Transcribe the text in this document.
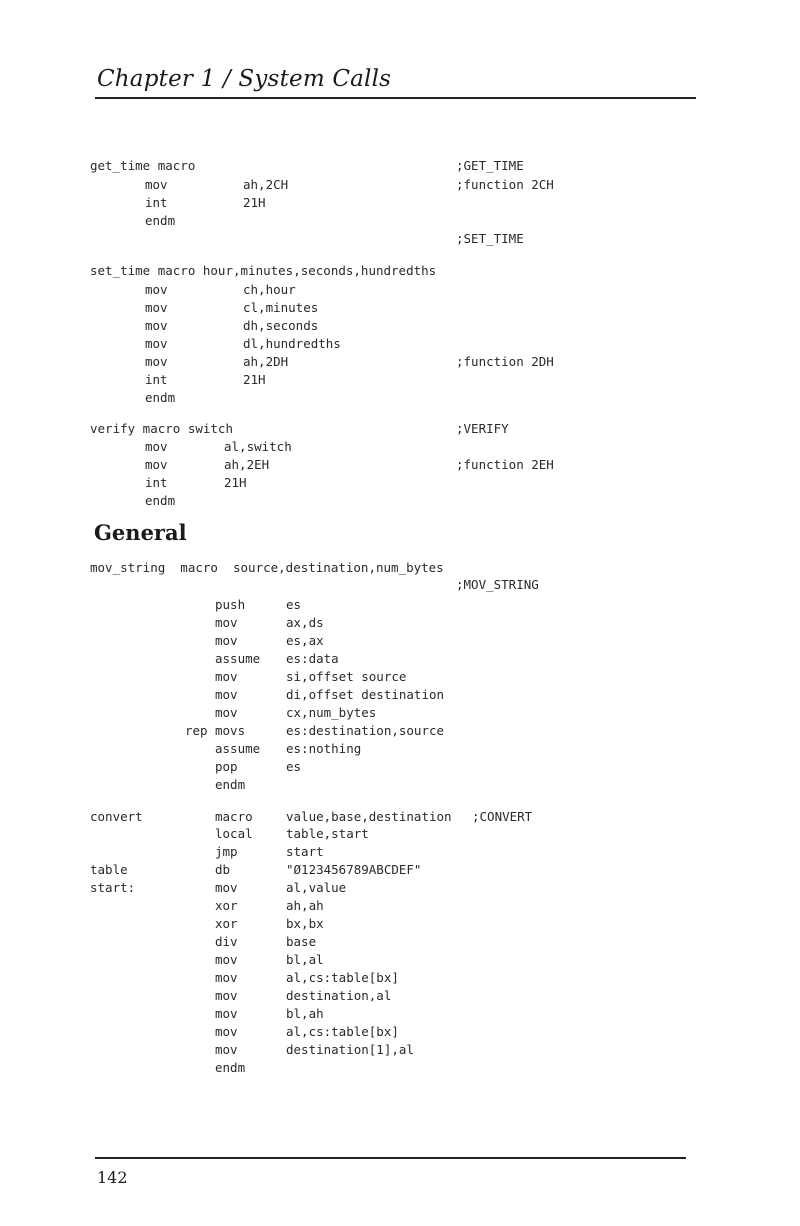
Chapter 1 / System Calls
General
get_time macro	;GET_TIME
mov	ah,2CH	;function 2CH
int	21H
endm
;SET_TIME
set_time macro hour,minutes,seconds,hundredths
mov	ch,hour
mov	cl,minutes
mov	dh,seconds
mov	dl,hundredths
mov	ah,2DH	;function 2DH
int	21H
endm
verify macro switch	;VERIFY
mov	al,switch
mov	ah,2EH	;function 2EH
int	21H
endm
mov_string  macro  source,destination,num_bytes
;MOV_STRING
push	es
mov	ax,ds
mov	es,ax
assume es:data
mov	si,offset source
mov	di,offset destination
mov	cx,num_bytes
rep movs	es:destination,source
assume es:nothing
pop	es
endm
convert	macro	value,base,destination ;CONVERT
local	table,start
jmp	start
table	db	"Ø123456789ABCDEF"
start:	mov	al,value
xor	ah,ah
xor	bx,bx
div	base
mov	bl,al
mov	al,cs:table[bx]
mov	destination,al
mov	bl,ah
mov	al,cs:table[bx]
mov	destination[1],al
endm
142
